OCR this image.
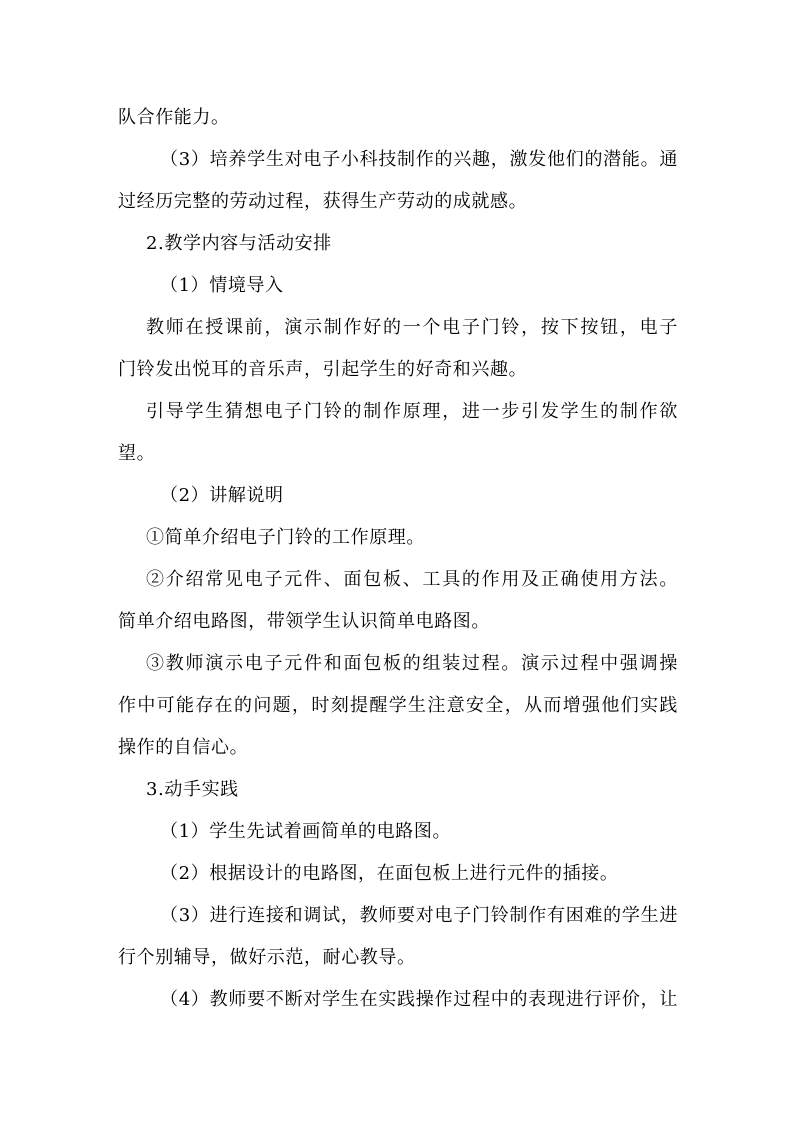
队合作能力。
（3）培养学生对电子小科技制作的兴趣，激发他们的潜能。通
过经历完整的劳动过程，获得生产劳动的成就感。
2.教学内容与活动安排
（1）情境导入
教师在授课前，演示制作好的一个电子门铃，按下按钮，电子
门铃发出悦耳的音乐声，引起学生的好奇和兴趣。
引导学生猜想电子门铃的制作原理，进一步引发学生的制作欲
望。
（2）讲解说明
①简单介绍电子门铃的工作原理。
②介绍常见电子元件、面包板、工具的作用及正确使用方法。
简单介绍电路图，带领学生认识简单电路图。
③教师演示电子元件和面包板的组装过程。演示过程中强调操
作中可能存在的问题，时刻提醒学生注意安全，从而增强他们实践
操作的自信心。
3.动手实践
（1）学生先试着画简单的电路图。
（2）根据设计的电路图，在面包板上进行元件的插接。
（3）进行连接和调试，教师要对电子门铃制作有困难的学生进
行个别辅导，做好示范，耐心教导。
（4）教师要不断对学生在实践操作过程中的表现进行评价，让
